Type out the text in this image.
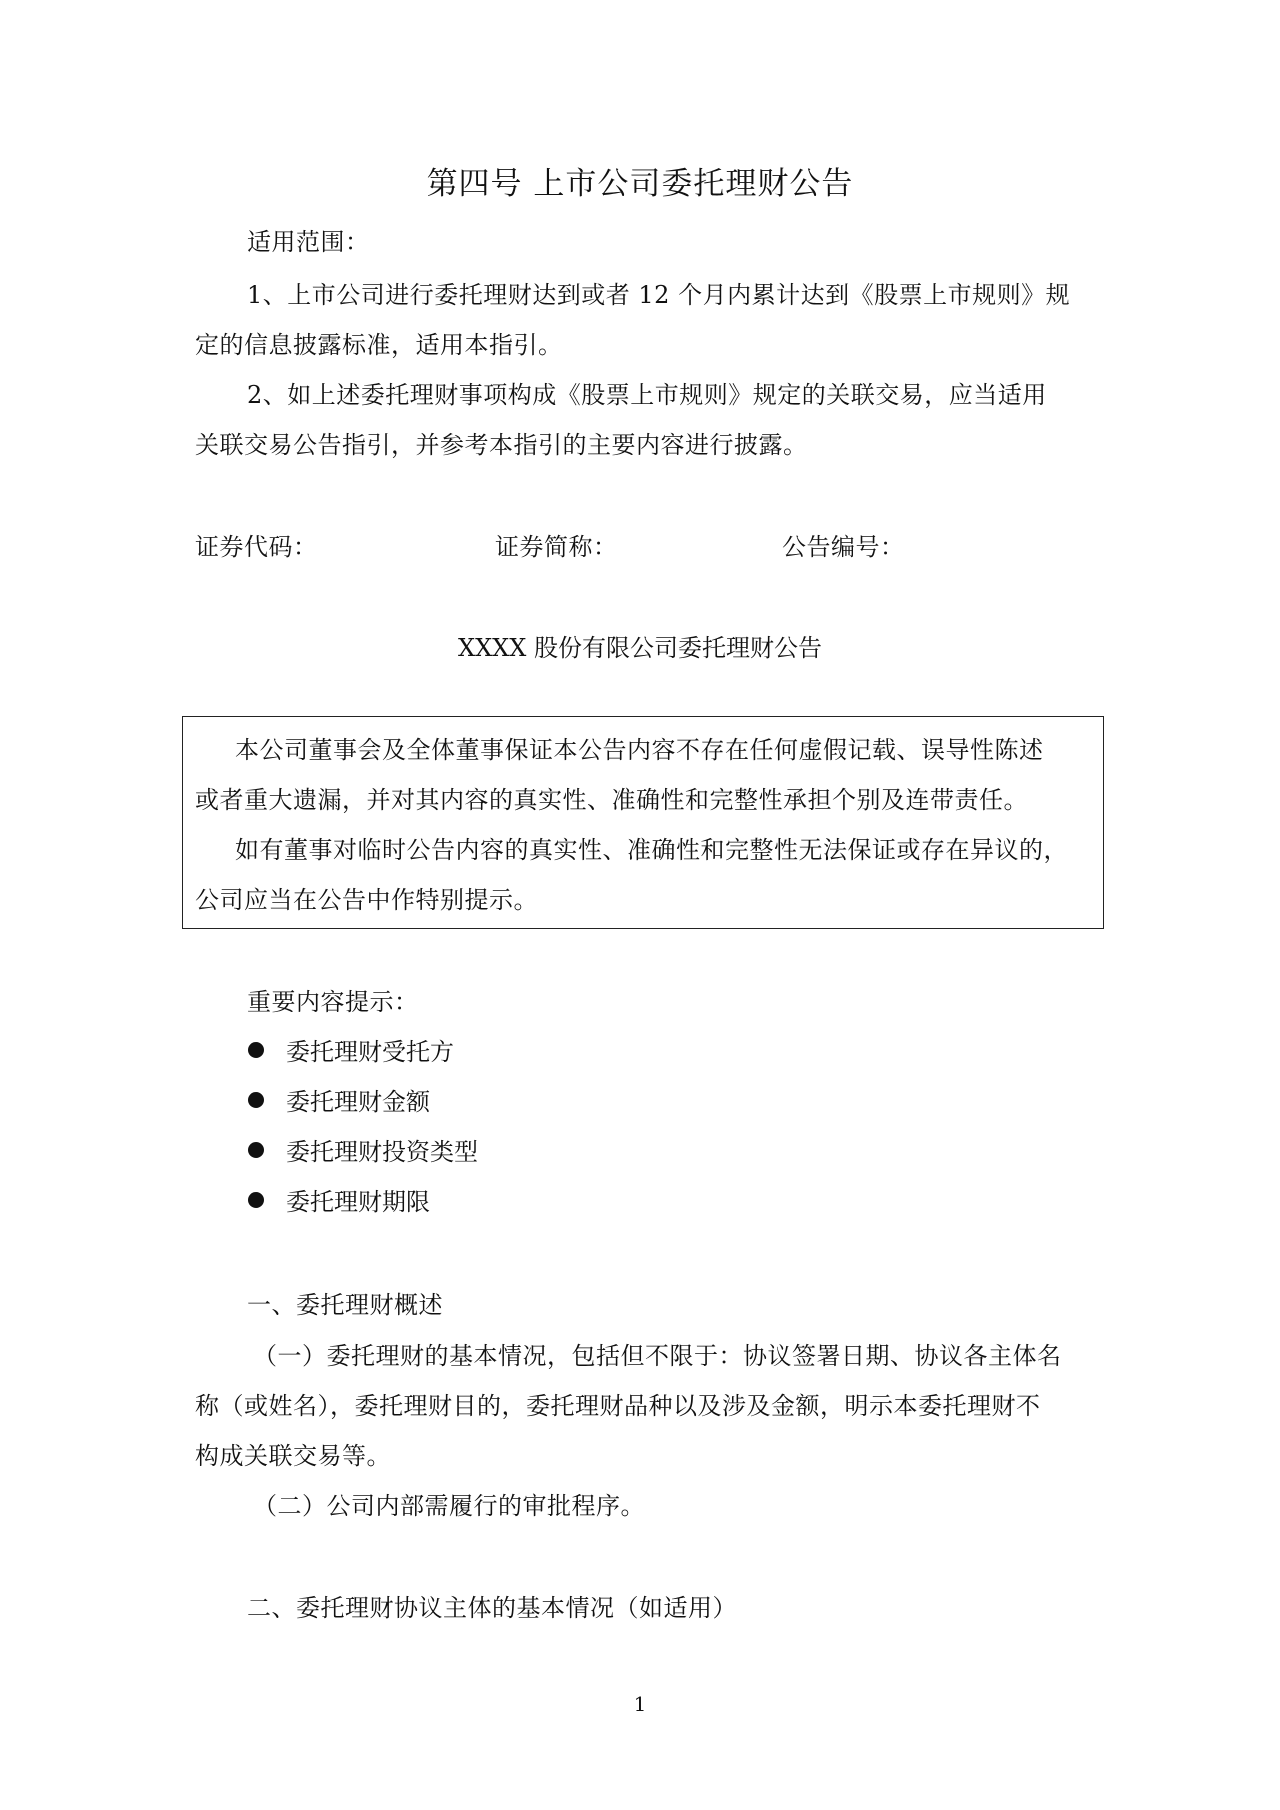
第四号 上市公司委托理财公告
适用范围：
1、上市公司进行委托理财达到或者 12 个月内累计达到《股票上市规则》规
定的信息披露标准，适用本指引。
2、如上述委托理财事项构成《股票上市规则》规定的关联交易，应当适用
关联交易公告指引，并参考本指引的主要内容进行披露。
证券代码：	证券简称：	公告编号：
XXXX 股份有限公司委托理财公告
本公司董事会及全体董事保证本公告内容不存在任何虚假记载、误导性陈述
或者重大遗漏，并对其内容的真实性、准确性和完整性承担个别及连带责任。
如有董事对临时公告内容的真实性、准确性和完整性无法保证或存在异议的，
公司应当在公告中作特别提示。
重要内容提示：
委托理财受托方
委托理财金额
委托理财投资类型
委托理财期限
一、委托理财概述
（一）委托理财的基本情况，包括但不限于：协议签署日期、协议各主体名
称（或姓名），委托理财目的，委托理财品种以及涉及金额，明示本委托理财不
构成关联交易等。
（二）公司内部需履行的审批程序。
二、委托理财协议主体的基本情况（如适用）
1
